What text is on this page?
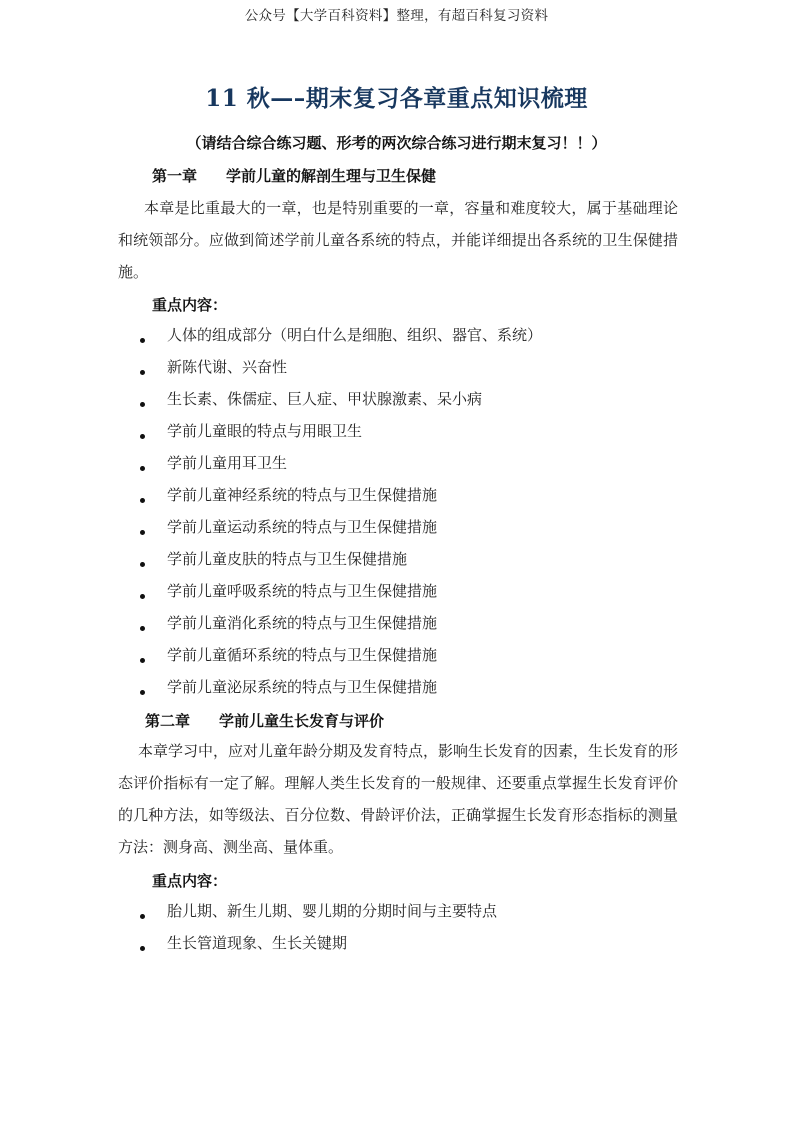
公众号【大学百科资料】整理，有超百科复习资料
11 秋—–期末复习各章重点知识梳理
（请结合综合练习题、形考的两次综合练习进行期末复习！！）
第一章 学前儿童的解剖生理与卫生保健
本章是比重最大的一章，也是特别重要的一章，容量和难度较大，属于基础理论和统领部分。应做到简述学前儿童各系统的特点，并能详细提出各系统的卫生保健措施。
重点内容：
人体的组成部分（明白什么是细胞、组织、器官、系统）
新陈代谢、兴奋性
生长素、侏儒症、巨人症、甲状腺激素、呆小病
学前儿童眼的特点与用眼卫生
学前儿童用耳卫生
学前儿童神经系统的特点与卫生保健措施
学前儿童运动系统的特点与卫生保健措施
学前儿童皮肤的特点与卫生保健措施
学前儿童呼吸系统的特点与卫生保健措施
学前儿童消化系统的特点与卫生保健措施
学前儿童循环系统的特点与卫生保健措施
学前儿童泌尿系统的特点与卫生保健措施
第二章 学前儿童生长发育与评价
本章学习中，应对儿童年龄分期及发育特点，影响生长发育的因素，生长发育的形态评价指标有一定了解。理解人类生长发育的一般规律、还要重点掌握生长发育评价的几种方法，如等级法、百分位数、骨龄评价法，正确掌握生长发育形态指标的测量方法：测身高、测坐高、量体重。
重点内容：
胎儿期、新生儿期、婴儿期的分期时间与主要特点
生长管道现象、生长关键期
